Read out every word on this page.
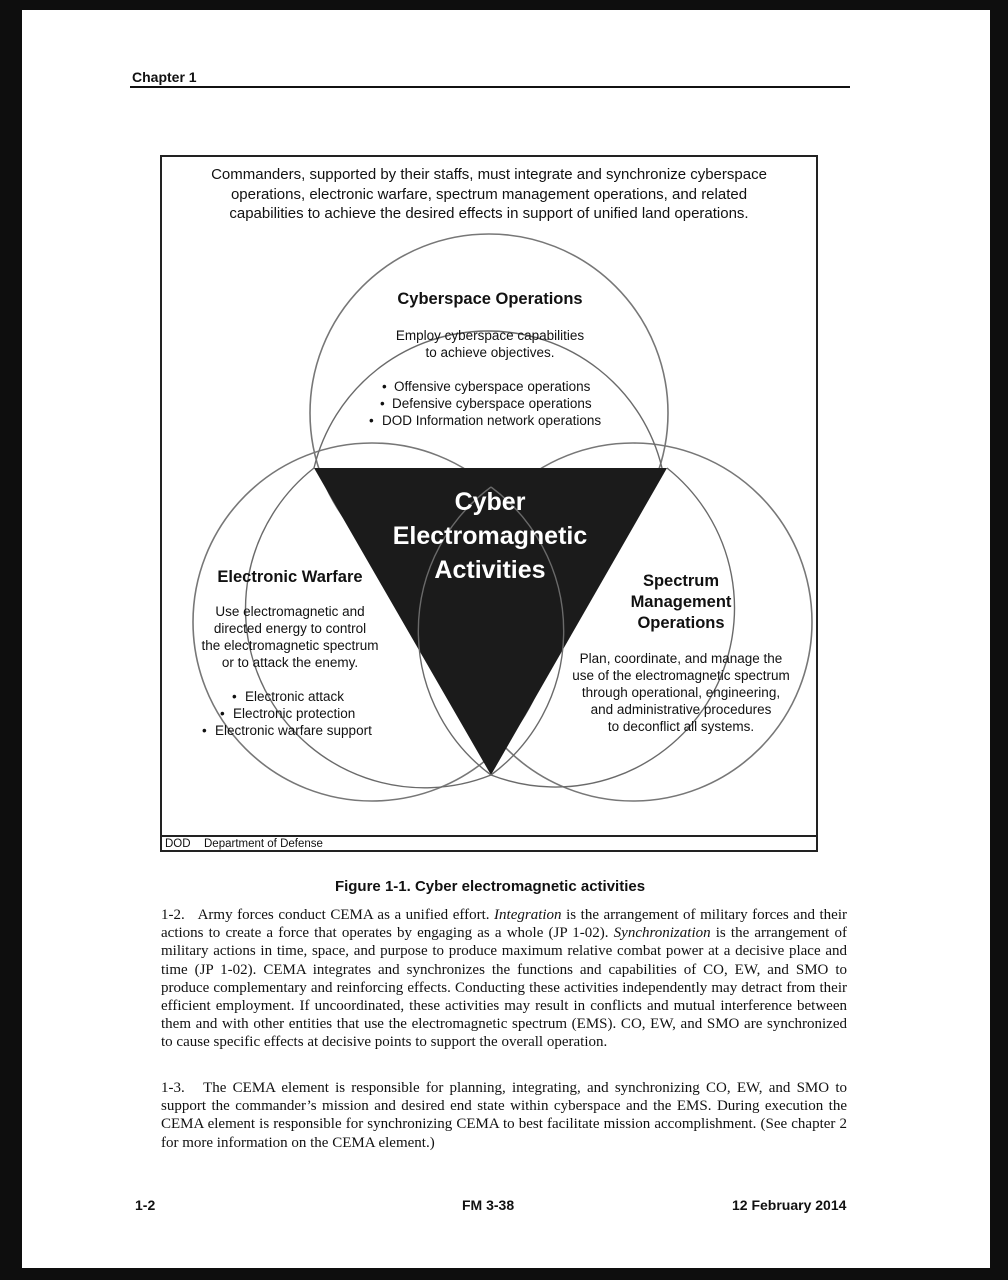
Chapter 1
Commanders, supported by their staffs, must integrate and synchronize cyberspace
operations, electronic warfare, spectrum management operations, and related
capabilities to achieve the desired effects in support of unified land operations.
Cyberspace Operations
Employ cyberspace capabilities
to achieve objectives.
• Offensive cyberspace operations
• Defensive cyberspace operations
• DOD Information network operations
Electronic Warfare
Use electromagnetic and
directed energy to control
the electromagnetic spectrum
or to attack the enemy.
• Electronic attack
• Electronic protection
• Electronic warfare support
Spectrum
Management
Operations
Plan, coordinate, and manage the
use of the electromagnetic spectrum
through operational, engineering,
and administrative procedures
to deconflict all systems.
Cyber
Electromagnetic
Activities
DOD Department of Defense
Figure 1-1. Cyber electromagnetic activities

1-2. Army forces conduct CEMA as a unified effort. Integration is the arrangement of military forces and their actions to create a force that operates by engaging as a whole (JP 1-02). Synchronization is the arrangement of military actions in time, space, and purpose to produce maximum relative combat power at a decisive place and time (JP 1-02). CEMA integrates and synchronizes the functions and capabilities of CO, EW, and SMO to produce complementary and reinforcing effects. Conducting these activities independently may detract from their efficient employment. If uncoordinated, these activities may result in conflicts and mutual interference between them and with other entities that use the electromagnetic spectrum (EMS). CO, EW, and SMO are synchronized to cause specific effects at decisive points to support the overall operation.

1-3. The CEMA element is responsible for planning, integrating, and synchronizing CO, EW, and SMO to support the commander’s mission and desired end state within cyberspace and the EMS. During execution the CEMA element is responsible for synchronizing CEMA to best facilitate mission accomplishment. (See chapter 2 for more information on the CEMA element.)

1-2	FM 3-38	12 February 2014
